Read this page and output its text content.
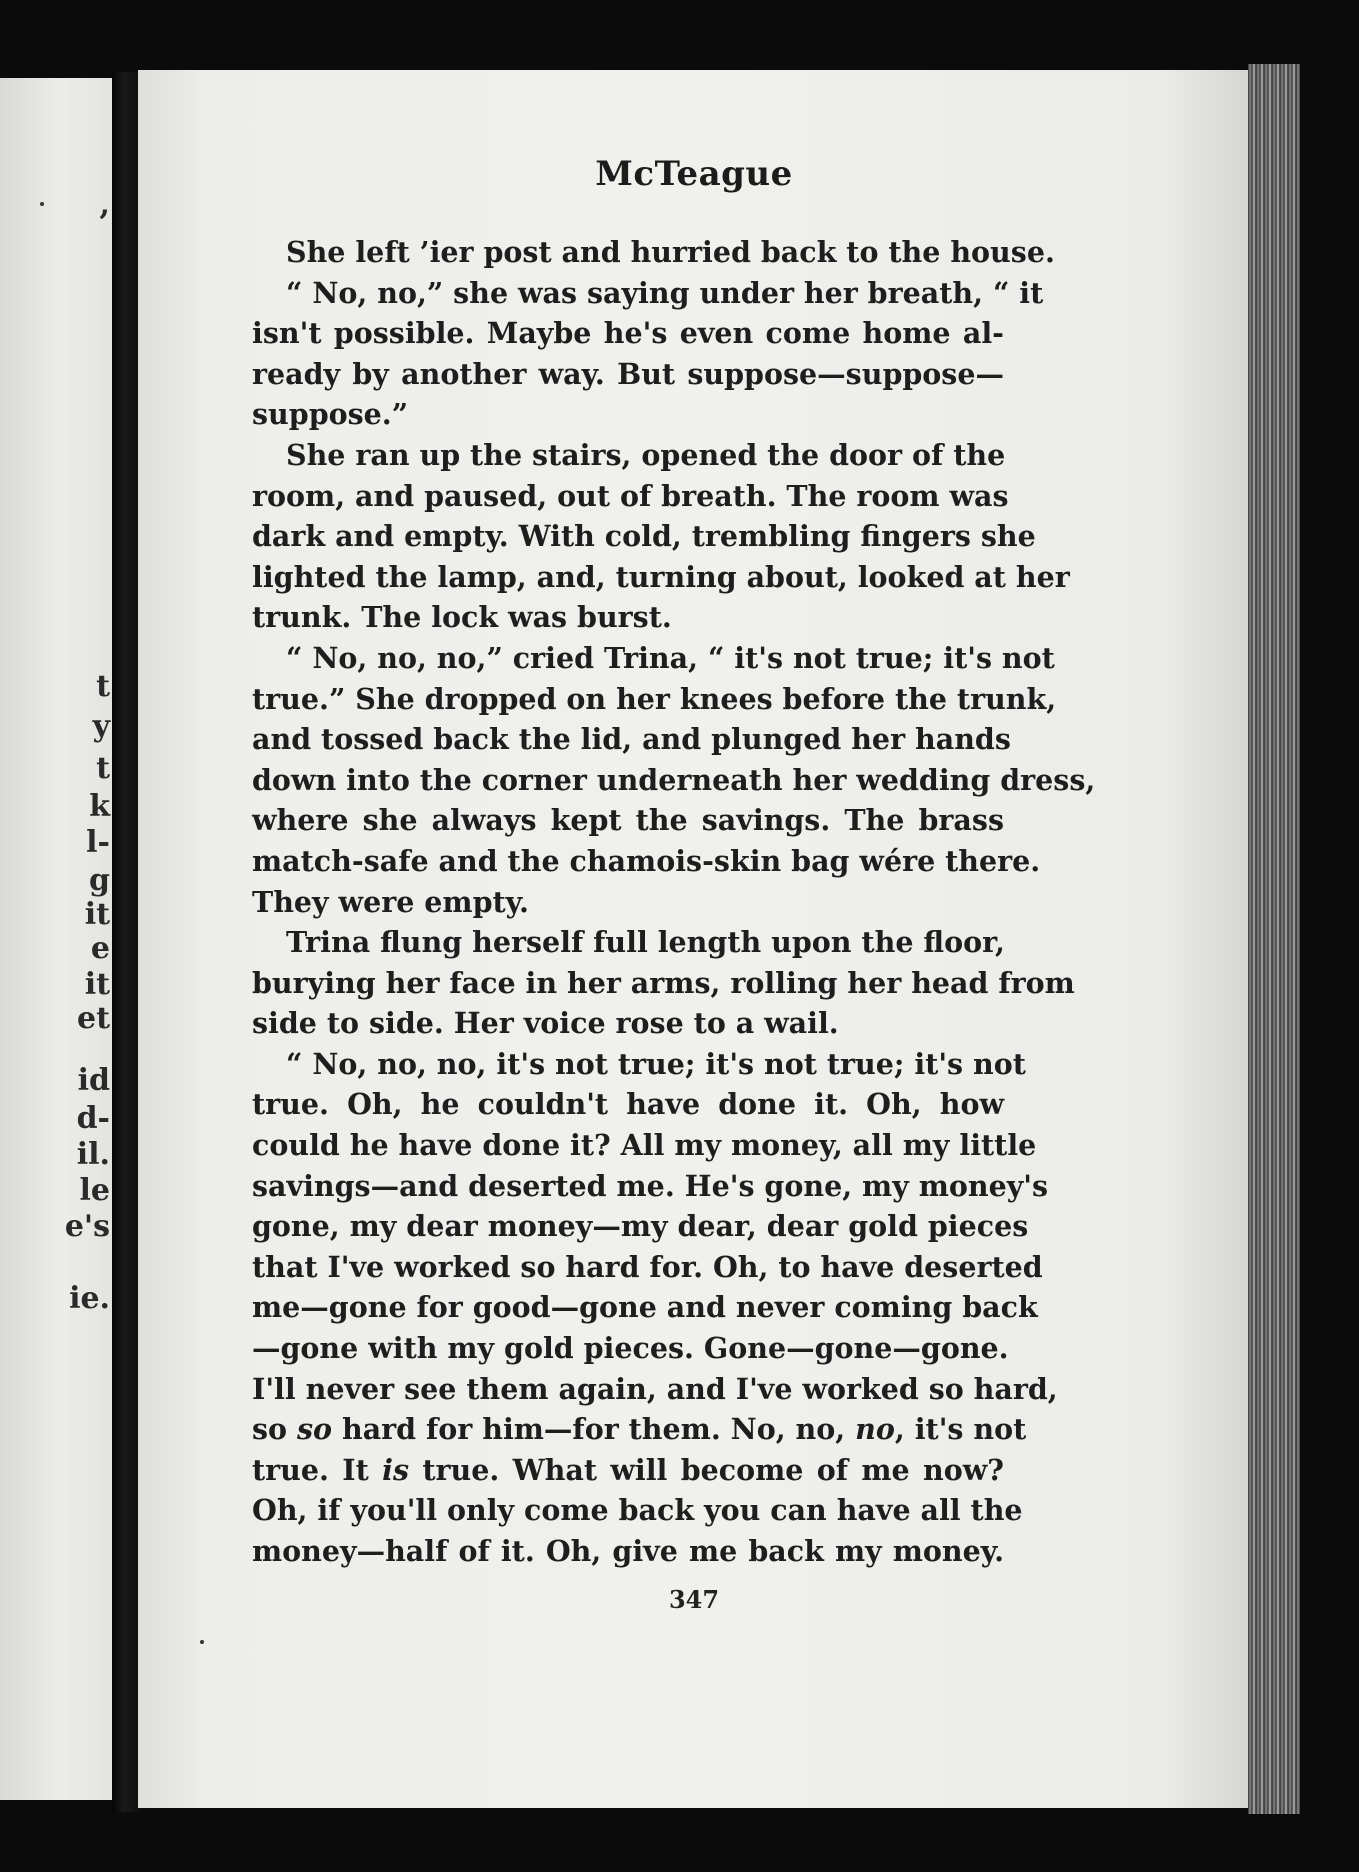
,
t
y
t
k
l-
g
it
e
it
et
id
d-
il.
le
e's
ie.
McTeague
She left ’ier post and hurried back to the house.
“ No, no,” she was saying under her breath, “ it
isn't possible. Maybe he's even come home al-
ready by another way. But suppose—suppose—
suppose.”
She ran up the stairs, opened the door of the
room, and paused, out of breath. The room was
dark and empty. With cold, trembling fingers she
lighted the lamp, and, turning about, looked at her
trunk. The lock was burst.
“ No, no, no,” cried Trina, “ it's not true; it's not
true.” She dropped on her knees before the trunk,
and tossed back the lid, and plunged her hands
down into the corner underneath her wedding dress,
where she always kept the savings. The brass
match-safe and the chamois-skin bag wére there.
They were empty.
Trina flung herself full length upon the floor,
burying her face in her arms, rolling her head from
side to side. Her voice rose to a wail.
“ No, no, no, it's not true; it's not true; it's not
true. Oh, he couldn't have done it. Oh, how
could he have done it? All my money, all my little
savings—and deserted me. He's gone, my money's
gone, my dear money—my dear, dear gold pieces
that I've worked so hard for. Oh, to have deserted
me—gone for good—gone and never coming back
—gone with my gold pieces. Gone—gone—gone.
I'll never see them again, and I've worked so hard,
so so hard for him—for them. No, no, no, it's not
true. It is true. What will become of me now?
Oh, if you'll only come back you can have all the
money—half of it. Oh, give me back my money.
347
